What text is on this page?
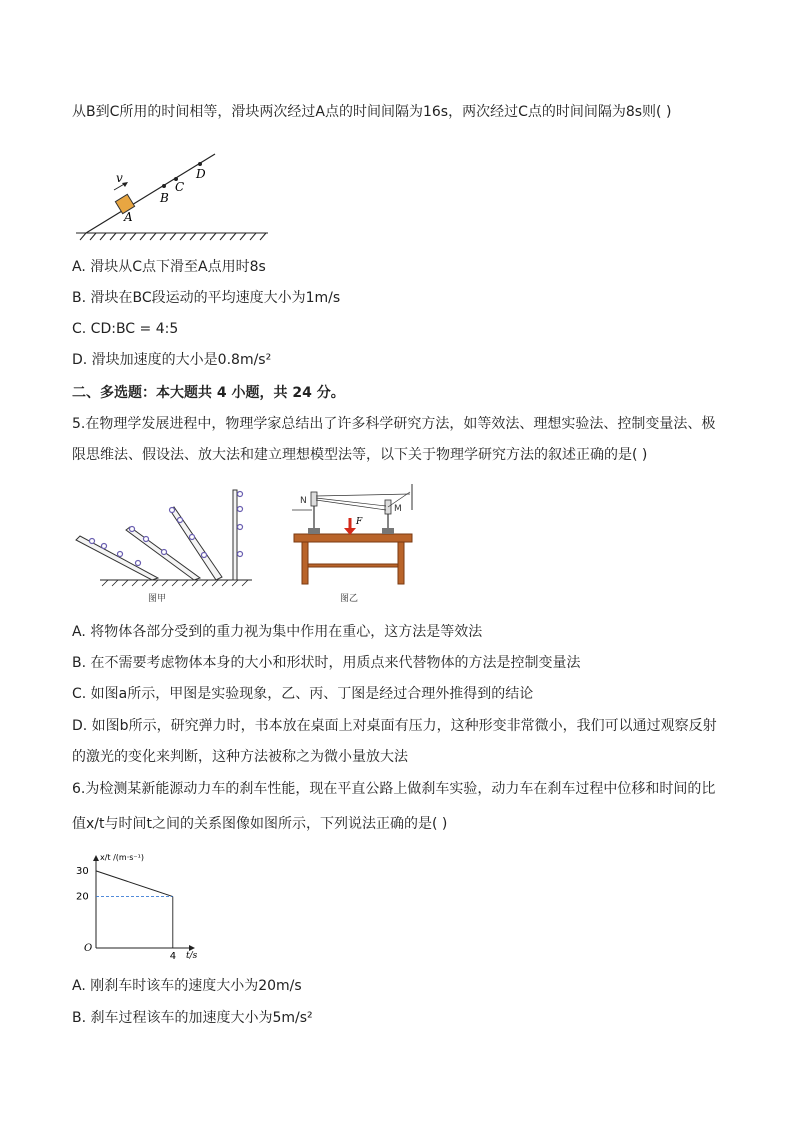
从B到C所用的时间相等，滑块两次经过A点的时间间隔为16s，两次经过C点的时间间隔为8s则( )
v
A
B
C
D
A. 滑块从C点下滑至A点用时8s
B. 滑块在BC段运动的平均速度大小为1m/s
C. CD:BC = 4:5
D. 滑块加速度的大小是0.8m/s²
二、多选题：本大题共 4 小题，共 24 分。
5.在物理学发展进程中，物理学家总结出了许多科学研究方法，如等效法、理想实验法、控制变量法、极
限思维法、假设法、放大法和建立理想模型法等，以下关于物理学研究方法的叙述正确的是( )
图甲
N
M
F
图乙
A. 将物体各部分受到的重力视为集中作用在重心，这方法是等效法
B. 在不需要考虑物体本身的大小和形状时，用质点来代替物体的方法是控制变量法
C. 如图a所示，甲图是实验现象，乙、丙、丁图是经过合理外推得到的结论
D. 如图b所示，研究弹力时，书本放在桌面上对桌面有压力，这种形变非常微小，我们可以通过观察反射
的激光的变化来判断，这种方法被称之为微小量放大法
6.为检测某新能源动力车的刹车性能，现在平直公路上做刹车实验，动力车在刹车过程中位移和时间的比
值x/t与时间t之间的关系图像如图所示，下列说法正确的是( )
O
x/t /(m·s⁻¹)
t/s
30
20
4
A. 刚刹车时该车的速度大小为20m/s
B. 刹车过程该车的加速度大小为5m/s²
